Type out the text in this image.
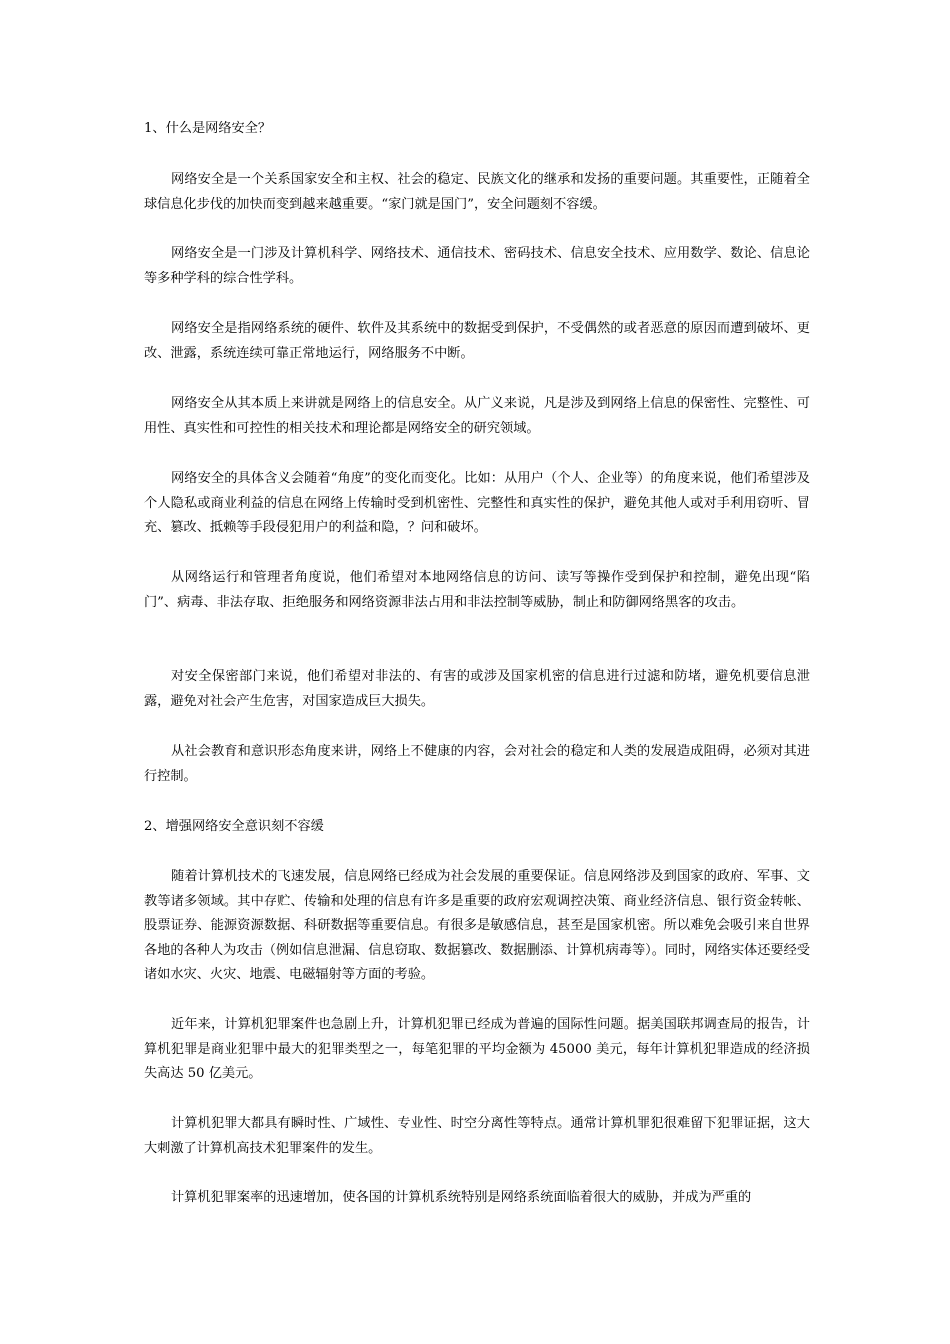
1、什么是网络安全？

网络安全是一个关系国家安全和主权、社会的稳定、民族文化的继承和发扬的重要问题。其重要性，正随着全球信息化步伐的加快而变到越来越重要。“家门就是国门”，安全问题刻不容缓。

网络安全是一门涉及计算机科学、网络技术、通信技术、密码技术、信息安全技术、应用数学、数论、信息论等多种学科的综合性学科。

网络安全是指网络系统的硬件、软件及其系统中的数据受到保护，不受偶然的或者恶意的原因而遭到破坏、更改、泄露，系统连续可靠正常地运行，网络服务不中断。

网络安全从其本质上来讲就是网络上的信息安全。从广义来说，凡是涉及到网络上信息的保密性、完整性、可用性、真实性和可控性的相关技术和理论都是网络安全的研究领域。

网络安全的具体含义会随着“角度”的变化而变化。比如：从用户（个人、企业等）的角度来说，他们希望涉及个人隐私或商业利益的信息在网络上传输时受到机密性、完整性和真实性的保护，避免其他人或对手利用窃听、冒充、篡改、抵赖等手段侵犯用户的利益和隐，？问和破坏。

从网络运行和管理者角度说，他们希望对本地网络信息的访问、读写等操作受到保护和控制，避免出现“陷门”、病毒、非法存取、拒绝服务和网络资源非法占用和非法控制等威胁，制止和防御网络黑客的攻击。

对安全保密部门来说，他们希望对非法的、有害的或涉及国家机密的信息进行过滤和防堵，避免机要信息泄露，避免对社会产生危害，对国家造成巨大损失。

从社会教育和意识形态角度来讲，网络上不健康的内容，会对社会的稳定和人类的发展造成阻碍，必须对其进行控制。

2、增强网络安全意识刻不容缓

随着计算机技术的飞速发展，信息网络已经成为社会发展的重要保证。信息网络涉及到国家的政府、军事、文教等诸多领域。其中存贮、传输和处理的信息有许多是重要的政府宏观调控决策、商业经济信息、银行资金转帐、股票证券、能源资源数据、科研数据等重要信息。有很多是敏感信息，甚至是国家机密。所以难免会吸引来自世界各地的各种人为攻击（例如信息泄漏、信息窃取、数据篡改、数据删添、计算机病毒等）。同时，网络实体还要经受诸如水灾、火灾、地震、电磁辐射等方面的考验。

近年来，计算机犯罪案件也急剧上升，计算机犯罪已经成为普遍的国际性问题。据美国联邦调查局的报告，计算机犯罪是商业犯罪中最大的犯罪类型之一，每笔犯罪的平均金额为 45000 美元，每年计算机犯罪造成的经济损失高达 50 亿美元。

计算机犯罪大都具有瞬时性、广域性、专业性、时空分离性等特点。通常计算机罪犯很难留下犯罪证据，这大大刺激了计算机高技术犯罪案件的发生。

计算机犯罪案率的迅速增加，使各国的计算机系统特别是网络系统面临着很大的威胁，并成为严重的
